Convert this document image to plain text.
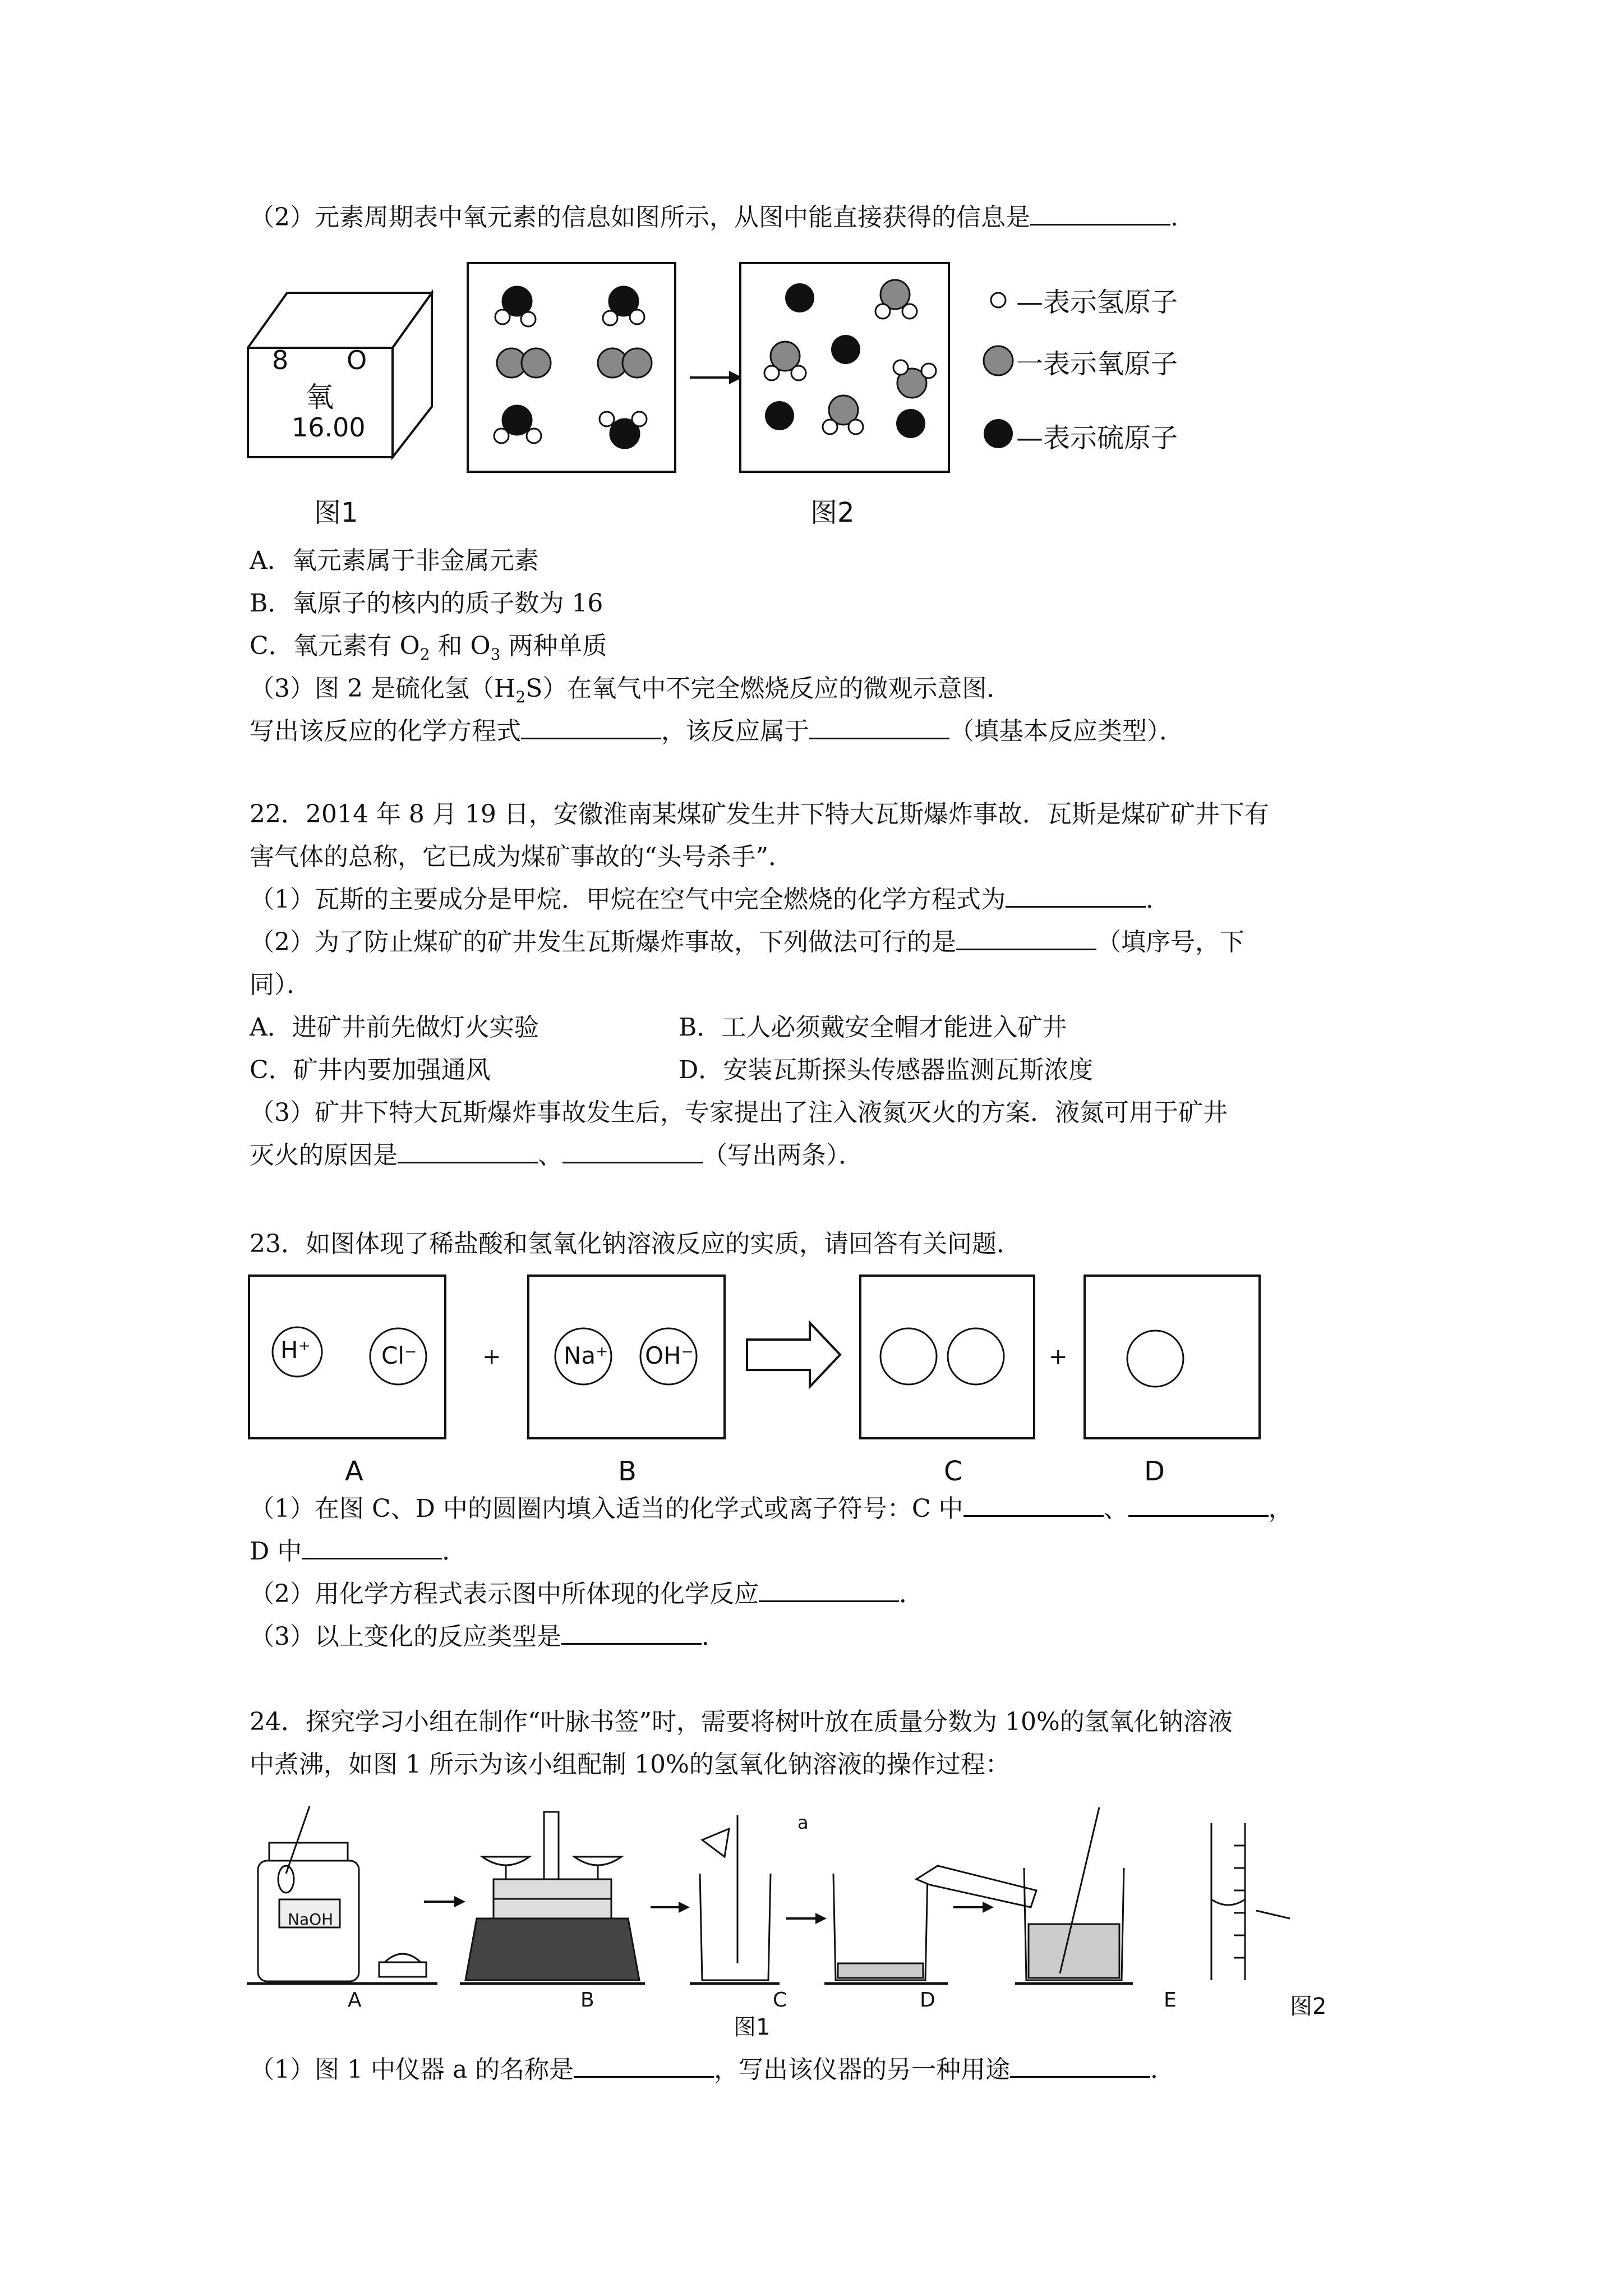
（2）元素周期表中氧元素的信息如图所示，从图中能直接获得的信息是	.
8 O
氧
16.00
图1
—表示氢原子
一表示氧原子
—表示硫原子
图2
A．氧元素属于非金属元素
B．氧原子的核内的质子数为 16
C．氧元素有 $O_2$ 和 $O_3$ 两种单质
（3）图 2 是硫化氢$(H_2S)$在氧气中不完全燃烧反应的微观示意图．
写出该反应的化学方程式	，该反应属于	（填基本反应类型）．
22．2014 年 8 月 19 日，安徽淮南某煤矿发生井下特大瓦斯爆炸事故．瓦斯是煤矿矿井下有
害气体的总称，它已成为煤矿事故的“头号杀手”．
（1）瓦斯的主要成分是甲烷．甲烷在空气中完全燃烧的化学方程式为	．
（2）为了防止煤矿的矿井发生瓦斯爆炸事故，下列做法可行的是	（填序号，下
同）．
A．进矿井前先做灯火实验	B．工人必须戴安全帽才能进入矿井
C．矿井内要加强通风	D．安装瓦斯探头传感器监测瓦斯浓度
（3）矿井下特大瓦斯爆炸事故发生后，专家提出了注入液氮灭火的方案．液氮可用于矿井
灭火的原因是	、	（写出两条）．
23．如图体现了稀盐酸和氢氧化钠溶液反应的实质，请回答有关问题．
H⁺	Cl⁻	Na⁺ OH⁻
+	+
A	B	C	D
（1）在图 C、D 中的圆圈内填入适当的化学式或离子符号：C 中	、	，
D 中	．
（2）用化学方程式表示图中所体现的化学反应	．
（3）以上变化的反应类型是	．
24．探究学习小组在制作“叶脉书签”时，需要将树叶放在质量分数为 10%的氢氧化钠溶液
中煮沸，如图 1 所示为该小组配制 10%的氢氧化钠溶液的操作过程：
NaOH
a
A	B	C	D	E
图1
图2
（1）图 1 中仪器 a 的名称是	，写出该仪器的另一种用途	．
